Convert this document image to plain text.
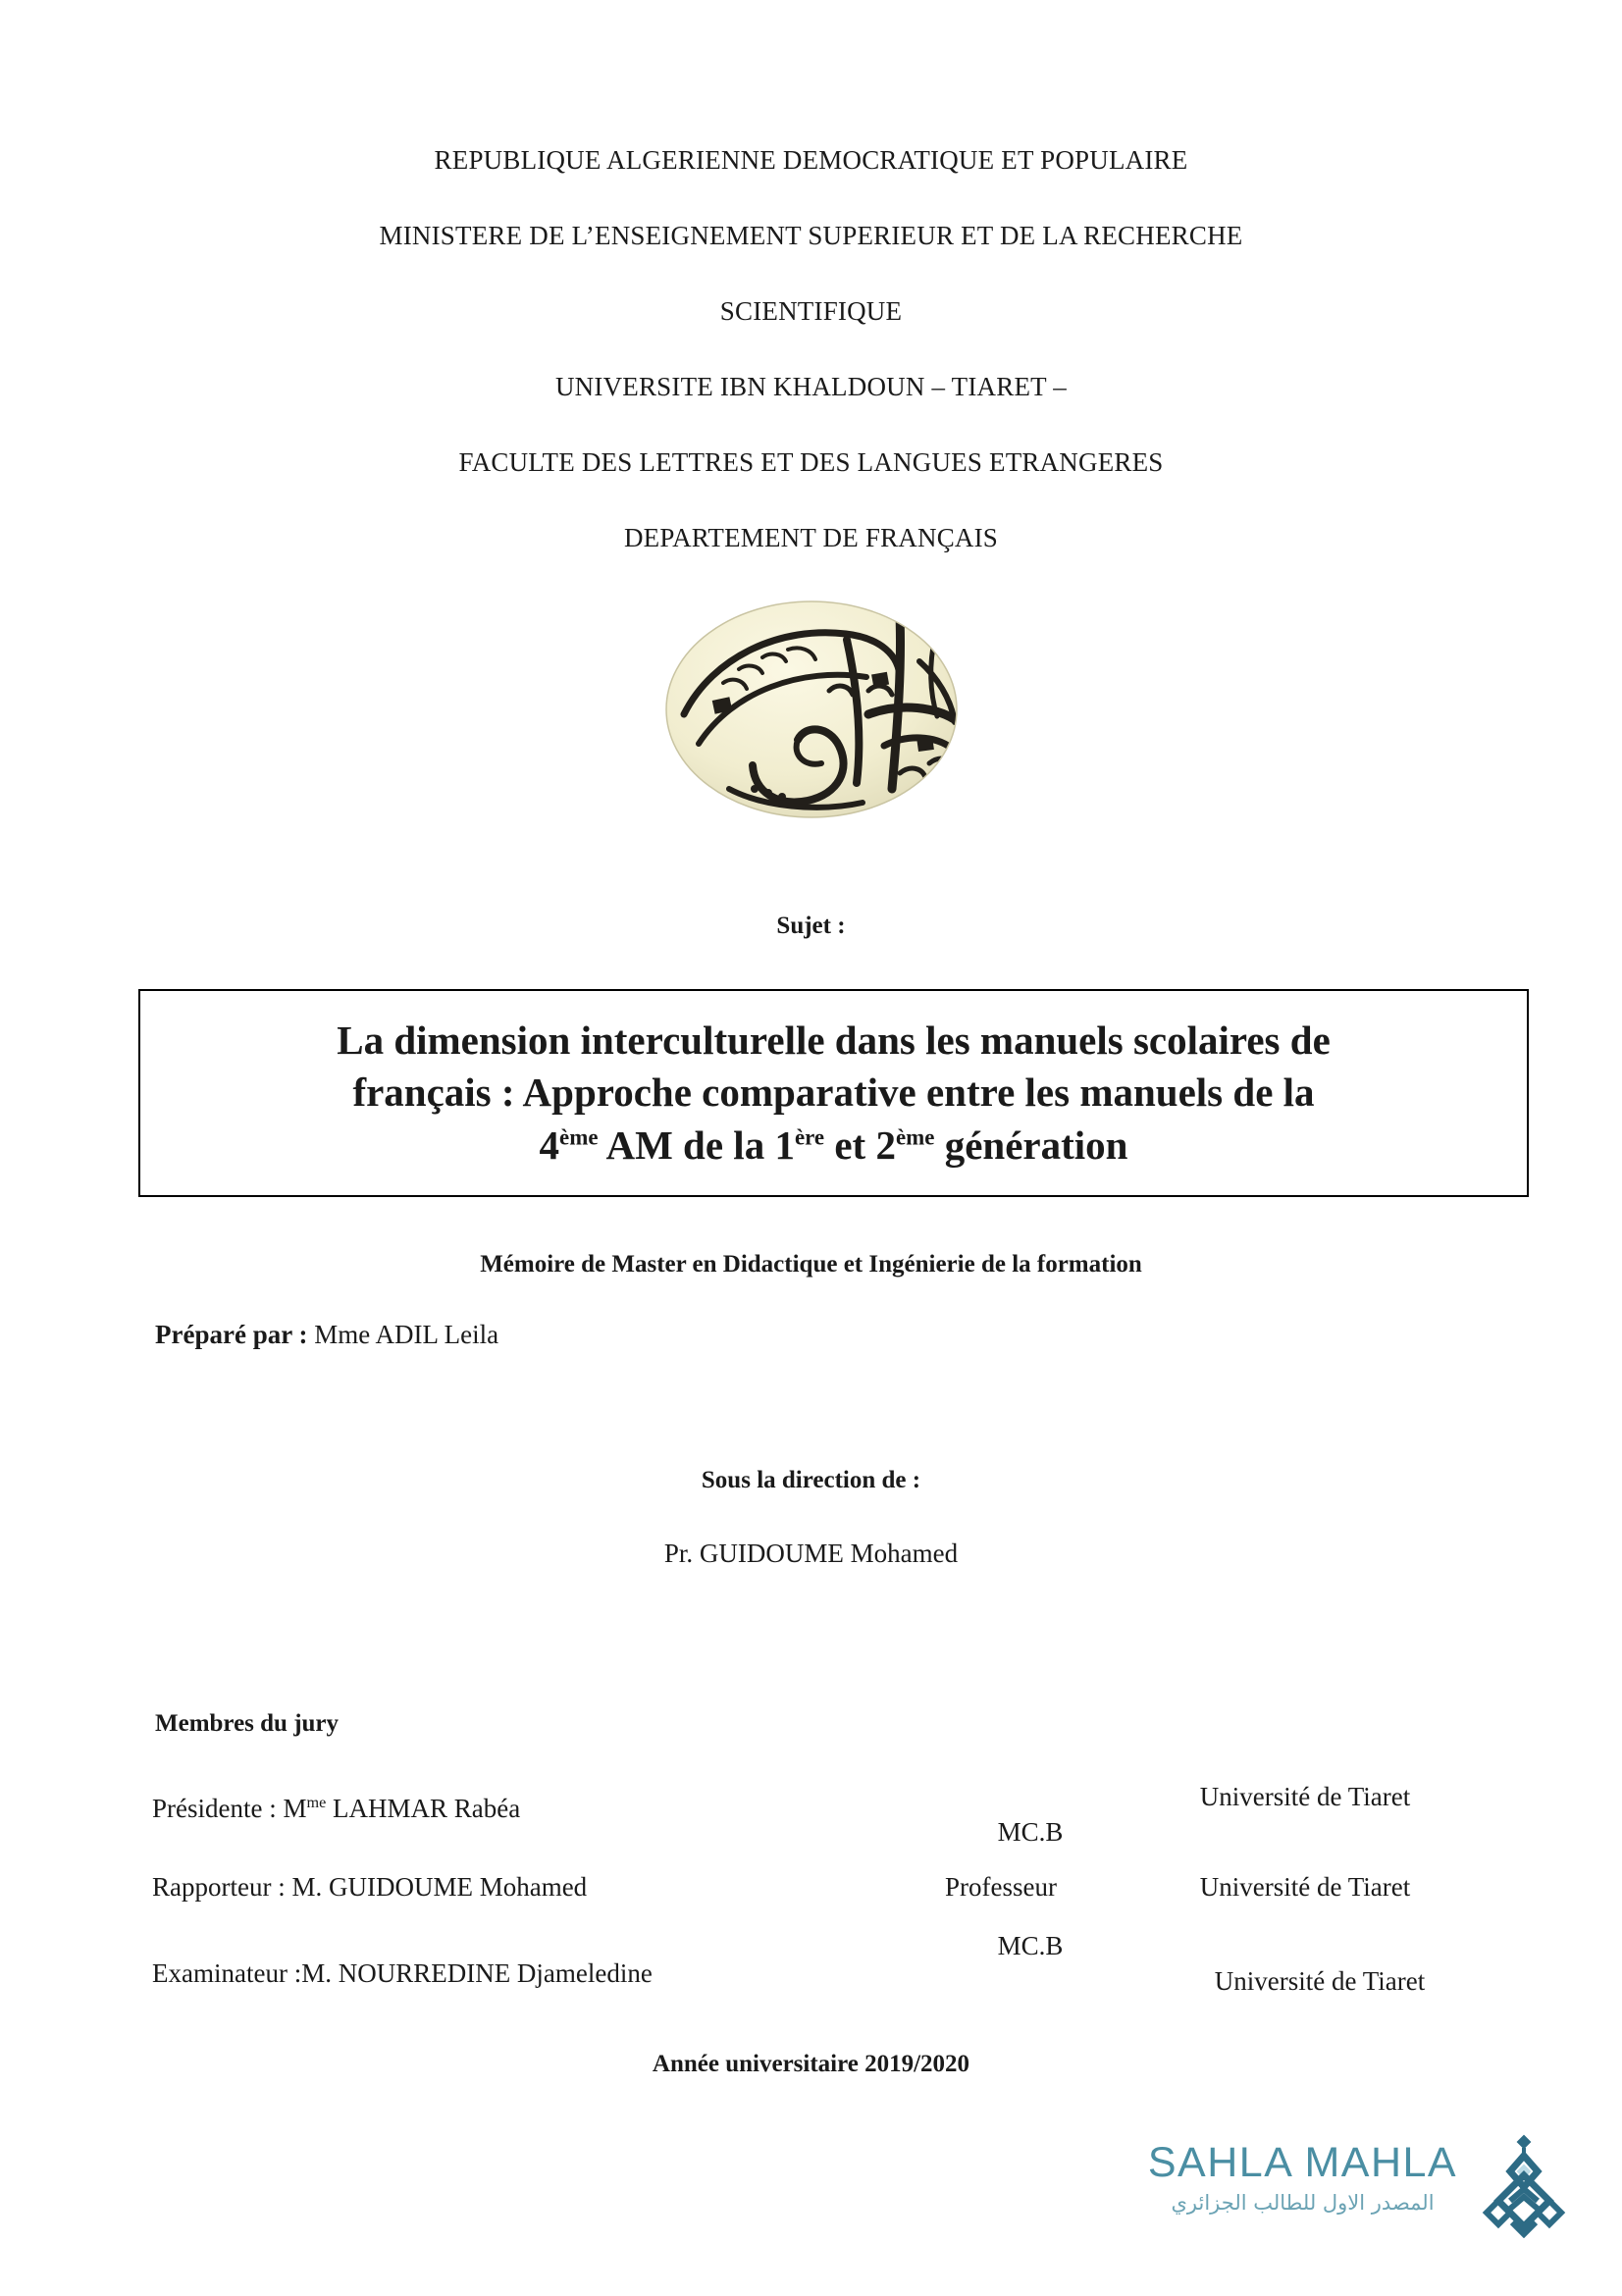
REPUBLIQUE ALGERIENNE DEMOCRATIQUE ET POPULAIRE
MINISTERE DE L’ENSEIGNEMENT SUPERIEUR ET DE LA RECHERCHE
SCIENTIFIQUE
UNIVERSITE IBN KHALDOUN – TIARET –
FACULTE DES LETTRES ET DES LANGUES ETRANGERES
DEPARTEMENT DE FRANÇAIS
Sujet :
La dimension interculturelle dans les manuels scolaires de
français : Approche comparative entre les manuels de la
4ème AM de la 1ère et 2ème génération
Mémoire de Master en Didactique et Ingénierie de la formation
Préparé par : Mme ADIL Leila
Sous la direction de :
Pr. GUIDOUME Mohamed
Membres du jury
Présidente : $M^{me}$ LAHMAR Rabéa
MC.B
Université de Tiaret
Rapporteur : M. GUIDOUME Mohamed	Professeur	Université de Tiaret
Examinateur :M. NOURREDINE Djameledine
MC.B
Université de Tiaret
Année universitaire 2019/2020
SAHLA MAHLA
المصدر الاول للطالب الجزائري
